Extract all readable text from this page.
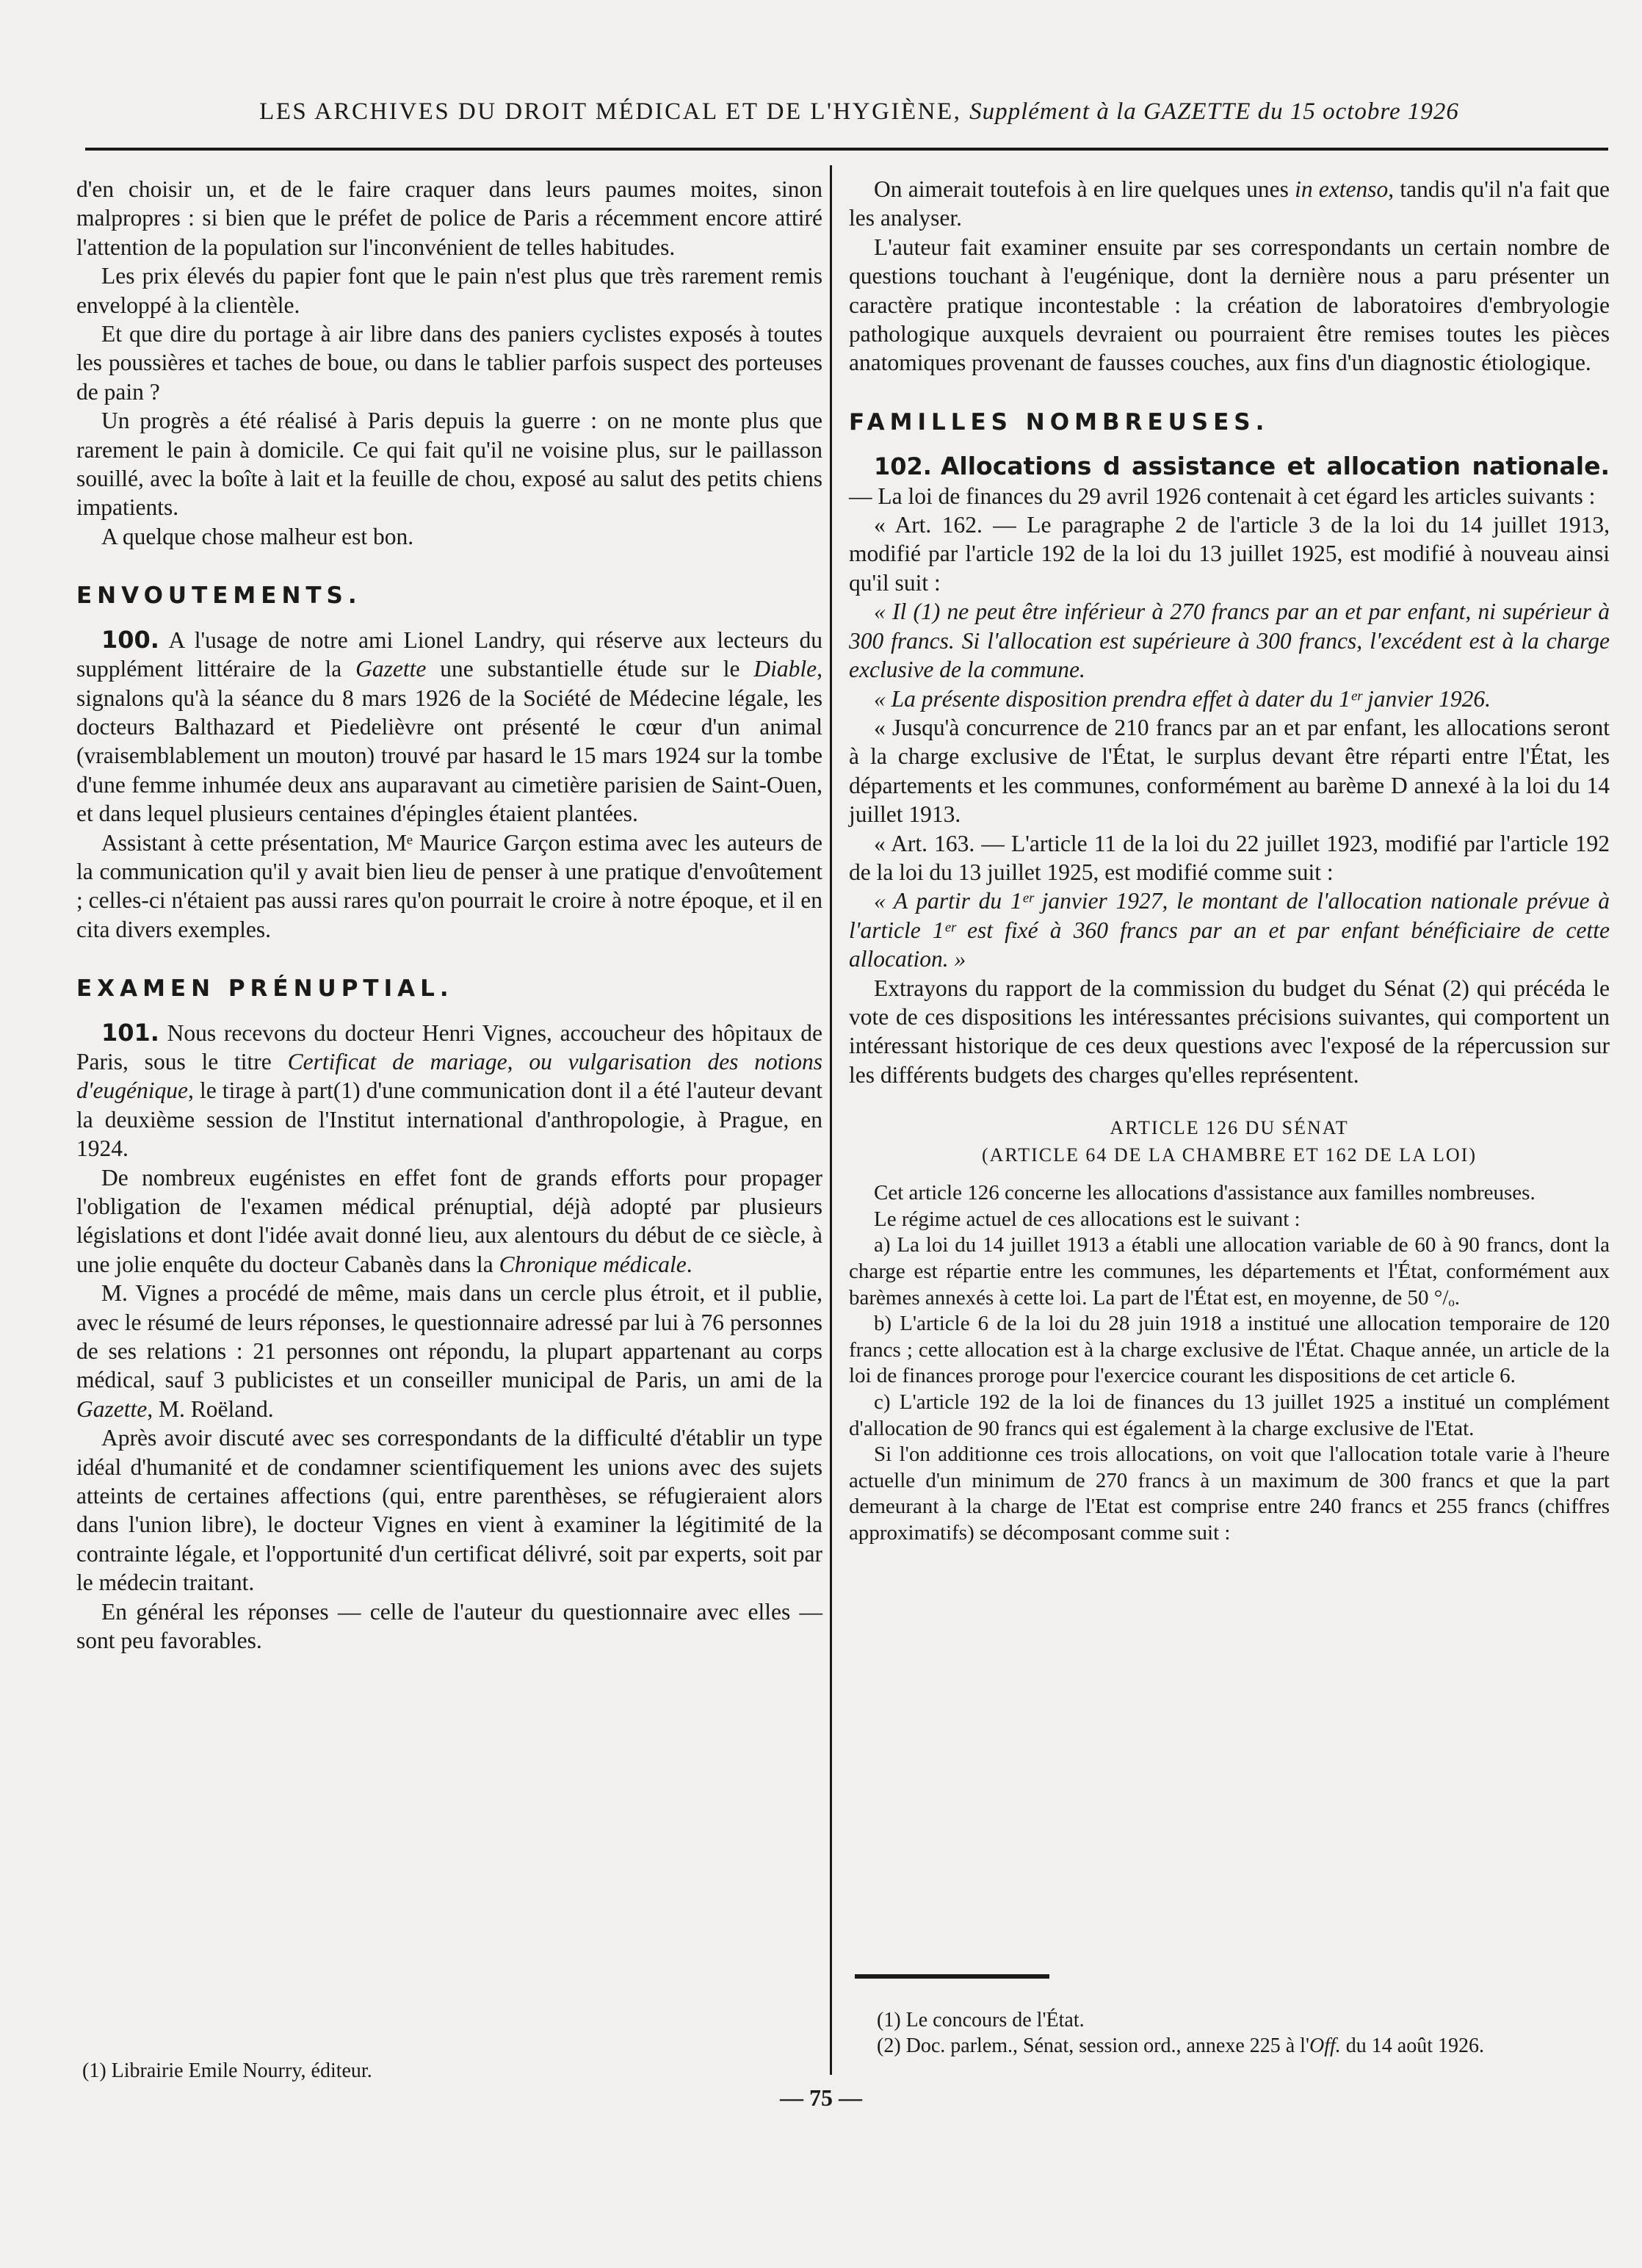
LES ARCHIVES DU DROIT MÉDICAL ET DE L'HYGIÈNE, Supplément à la GAZETTE du 15 octobre 1926

d'en choisir un, et de le faire craquer dans leurs paumes moites, sinon malpropres : si bien que le préfet de police de Paris a récemment encore attiré l'attention de la population sur l'inconvénient de telles habitudes.

Les prix élevés du papier font que le pain n'est plus que très rarement remis enveloppé à la clientèle.

Et que dire du portage à air libre dans des paniers cyclistes exposés à toutes les poussières et taches de boue, ou dans le tablier parfois suspect des porteuses de pain ?

Un progrès a été réalisé à Paris depuis la guerre : on ne monte plus que rarement le pain à domicile. Ce qui fait qu'il ne voisine plus, sur le paillasson souillé, avec la boîte à lait et la feuille de chou, exposé au salut des petits chiens impatients.

A quelque chose malheur est bon.

ENVOUTEMENTS.

100. A l'usage de notre ami Lionel Landry, qui réserve aux lecteurs du supplément littéraire de la Gazette une substantielle étude sur le Diable, signalons qu'à la séance du 8 mars 1926 de la Société de Médecine légale, les docteurs Balthazard et Piedelièvre ont présenté le cœur d'un animal (vraisemblablement un mouton) trouvé par hasard le 15 mars 1924 sur la tombe d'une femme inhumée deux ans auparavant au cimetière parisien de Saint-Ouen, et dans lequel plusieurs centaines d'épingles étaient plantées.

Assistant à cette présentation, Mᵉ Maurice Garçon estima avec les auteurs de la communication qu'il y avait bien lieu de penser à une pratique d'envoûtement ; celles-ci n'étaient pas aussi rares qu'on pourrait le croire à notre époque, et il en cita divers exemples.

EXAMEN PRÉNUPTIAL.

101. Nous recevons du docteur Henri Vignes, accoucheur des hôpitaux de Paris, sous le titre Certificat de mariage, ou vulgarisation des notions d'eugénique, le tirage à part(1) d'une communication dont il a été l'auteur devant la deuxième session de l'Institut international d'anthropologie, à Prague, en 1924.

De nombreux eugénistes en effet font de grands efforts pour propager l'obligation de l'examen médical prénuptial, déjà adopté par plusieurs législations et dont l'idée avait donné lieu, aux alentours du début de ce siècle, à une jolie enquête du docteur Cabanès dans la Chronique médicale.

M. Vignes a procédé de même, mais dans un cercle plus étroit, et il publie, avec le résumé de leurs réponses, le questionnaire adressé par lui à 76 personnes de ses relations : 21 personnes ont répondu, la plupart appartenant au corps médical, sauf 3 publicistes et un conseiller municipal de Paris, un ami de la Gazette, M. Roëland.

Après avoir discuté avec ses correspondants de la difficulté d'établir un type idéal d'humanité et de condamner scientifiquement les unions avec des sujets atteints de certaines affections (qui, entre parenthèses, se réfugieraient alors dans l'union libre), le docteur Vignes en vient à examiner la légitimité de la contrainte légale, et l'opportunité d'un certificat délivré, soit par experts, soit par le médecin traitant.

En général les réponses — celle de l'auteur du questionnaire avec elles — sont peu favorables.

(1) Librairie Emile Nourry, éditeur.

On aimerait toutefois à en lire quelques unes in extenso, tandis qu'il n'a fait que les analyser.

L'auteur fait examiner ensuite par ses correspondants un certain nombre de questions touchant à l'eugénique, dont la dernière nous a paru présenter un caractère pratique incontestable : la création de laboratoires d'embryologie pathologique auxquels devraient ou pourraient être remises toutes les pièces anatomiques provenant de fausses couches, aux fins d'un diagnostic étiologique.

FAMILLES NOMBREUSES.

102. Allocations d assistance et allocation nationale. — La loi de finances du 29 avril 1926 contenait à cet égard les articles suivants :

« Art. 162. — Le paragraphe 2 de l'article 3 de la loi du 14 juillet 1913, modifié par l'article 192 de la loi du 13 juillet 1925, est modifié à nouveau ainsi qu'il suit :

« Il (1) ne peut être inférieur à 270 francs par an et par enfant, ni supérieur à 300 francs. Si l'allocation est supérieure à 300 francs, l'excédent est à la charge exclusive de la commune.

« La présente disposition prendra effet à dater du 1ᵉʳ janvier 1926.

« Jusqu'à concurrence de 210 francs par an et par enfant, les allocations seront à la charge exclusive de l'État, le surplus devant être réparti entre l'État, les départements et les communes, conformément au barème D annexé à la loi du 14 juillet 1913.

« Art. 163. — L'article 11 de la loi du 22 juillet 1923, modifié par l'article 192 de la loi du 13 juillet 1925, est modifié comme suit :

« A partir du 1ᵉʳ janvier 1927, le montant de l'allocation nationale prévue à l'article 1ᵉʳ est fixé à 360 francs par an et par enfant bénéficiaire de cette allocation. »

Extrayons du rapport de la commission du budget du Sénat (2) qui précéda le vote de ces dispositions les intéressantes précisions suivantes, qui comportent un intéressant historique de ces deux questions avec l'exposé de la répercussion sur les différents budgets des charges qu'elles représentent.

ARTICLE 126 DU SÉNAT
(ARTICLE 64 DE LA CHAMBRE ET 162 DE LA LOI)

Cet article 126 concerne les allocations d'assistance aux familles nombreuses.

Le régime actuel de ces allocations est le suivant :

a) La loi du 14 juillet 1913 a établi une allocation variable de 60 à 90 francs, dont la charge est répartie entre les communes, les départements et l'État, conformément aux barèmes annexés à cette loi. La part de l'État est, en moyenne, de 50 °/ₒ.

b) L'article 6 de la loi du 28 juin 1918 a institué une allocation temporaire de 120 francs ; cette allocation est à la charge exclusive de l'État. Chaque année, un article de la loi de finances proroge pour l'exercice courant les dispositions de cet article 6.

c) L'article 192 de la loi de finances du 13 juillet 1925 a institué un complément d'allocation de 90 francs qui est également à la charge exclusive de l'Etat.

Si l'on additionne ces trois allocations, on voit que l'allocation totale varie à l'heure actuelle d'un minimum de 270 francs à un maximum de 300 francs et que la part demeurant à la charge de l'Etat est comprise entre 240 francs et 255 francs (chiffres approximatifs) se décomposant comme suit :

(1) Le concours de l'État.
(2) Doc. parlem., Sénat, session ord., annexe 225 à l'Off. du 14 août 1926.
— 75 —
